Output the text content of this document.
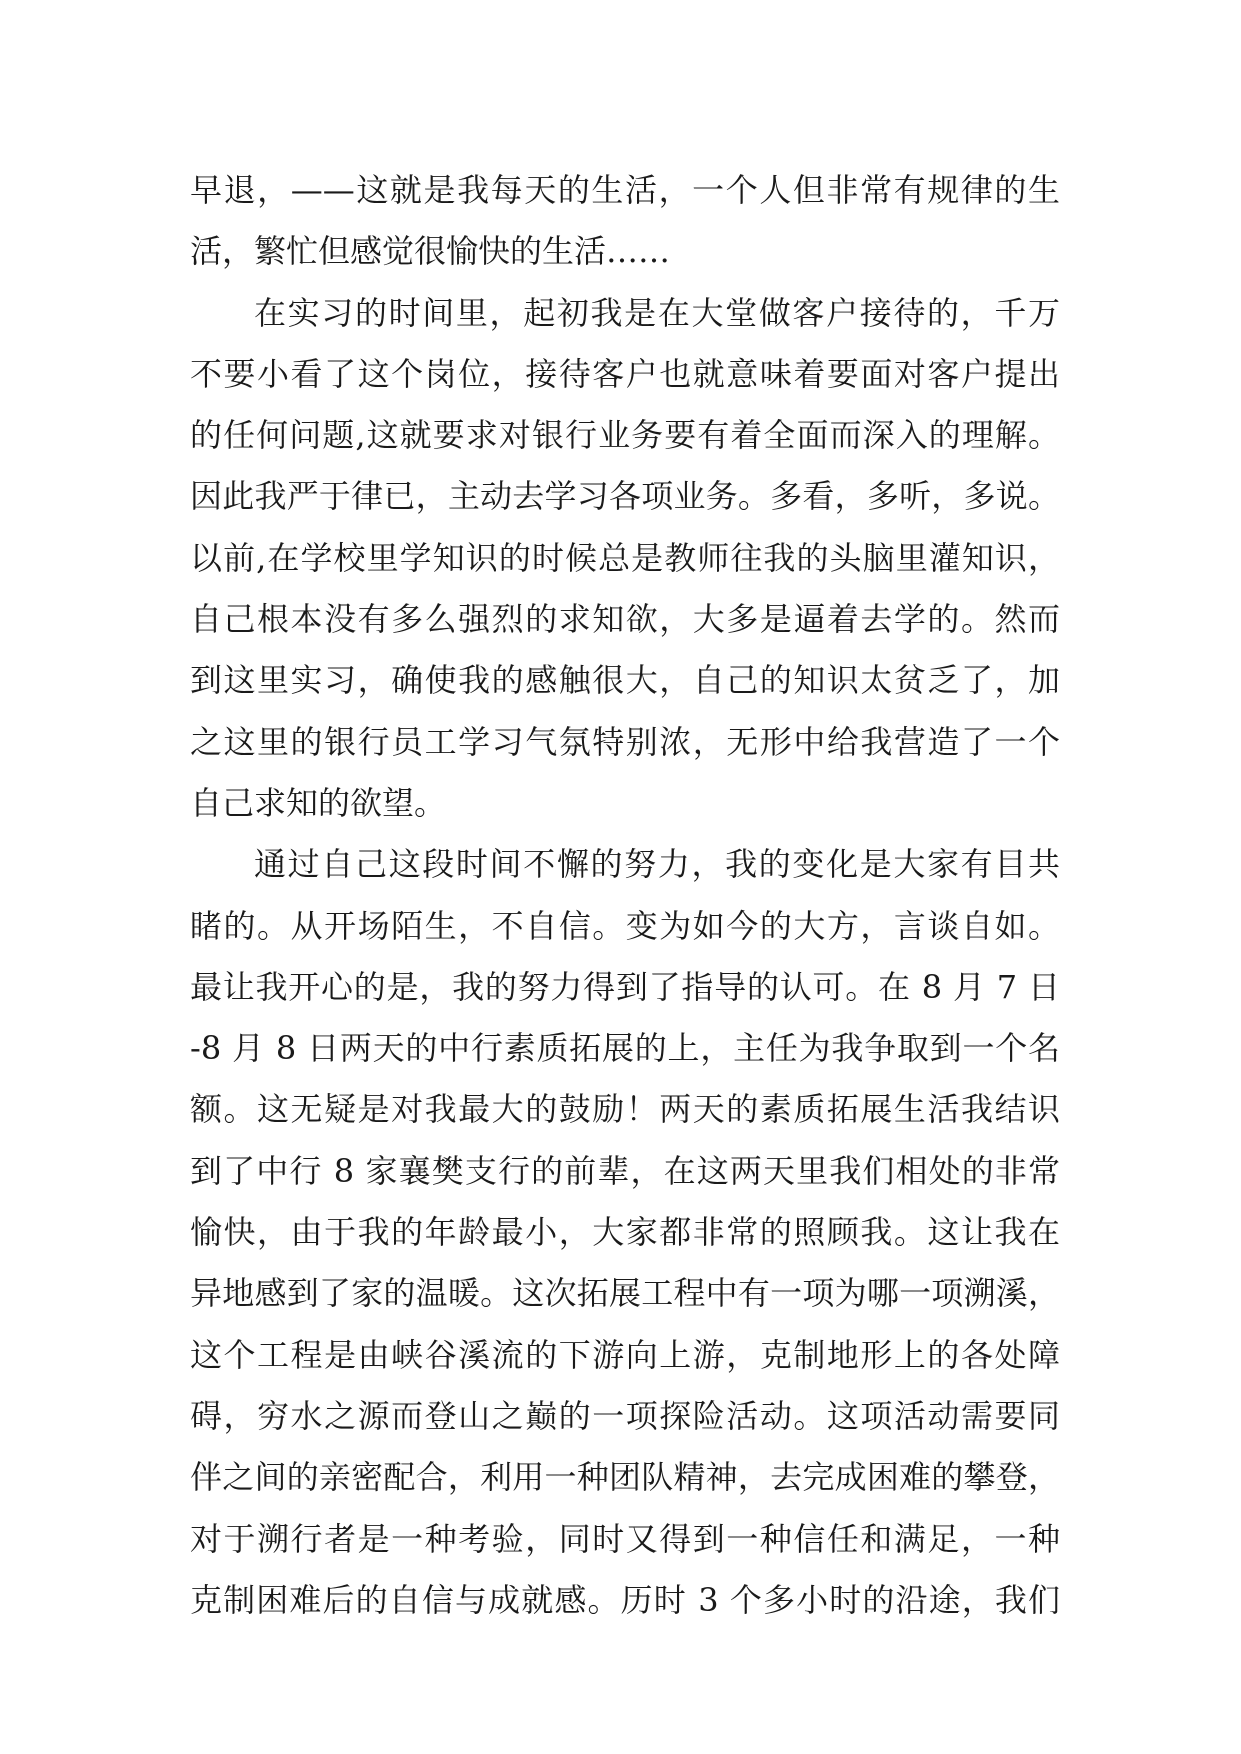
早退，——这就是我每天的生活，一个人但非常有规律的生
活，繁忙但感觉很愉快的生活……
在实习的时间里，起初我是在大堂做客户接待的，千万
不要小看了这个岗位，接待客户也就意味着要面对客户提出
的任何问题,这就要求对银行业务要有着全面而深入的理解。
因此我严于律已，主动去学习各项业务。多看，多听，多说。
以前,在学校里学知识的时候总是教师往我的头脑里灌知识，
自己根本没有多么强烈的求知欲，大多是逼着去学的。然而
到这里实习，确使我的感触很大，自己的知识太贫乏了，加
之这里的银行员工学习气氛特别浓，无形中给我营造了一个
自己求知的欲望。
通过自己这段时间不懈的努力，我的变化是大家有目共
睹的。从开场陌生，不自信。变为如今的大方，言谈自如。
最让我开心的是，我的努力得到了指导的认可。在 8 月 7 日
-8 月 8 日两天的中行素质拓展的上，主任为我争取到一个名
额。这无疑是对我最大的鼓励！两天的素质拓展生活我结识
到了中行 8 家襄樊支行的前辈，在这两天里我们相处的非常
愉快，由于我的年龄最小，大家都非常的照顾我。这让我在
异地感到了家的温暖。这次拓展工程中有一项为哪一项溯溪，
这个工程是由峡谷溪流的下游向上游，克制地形上的各处障
碍，穷水之源而登山之巅的一项探险活动。这项活动需要同
伴之间的亲密配合，利用一种团队精神，去完成困难的攀登，
对于溯行者是一种考验，同时又得到一种信任和满足，一种
克制困难后的自信与成就感。历时 3 个多小时的沿途，我们
